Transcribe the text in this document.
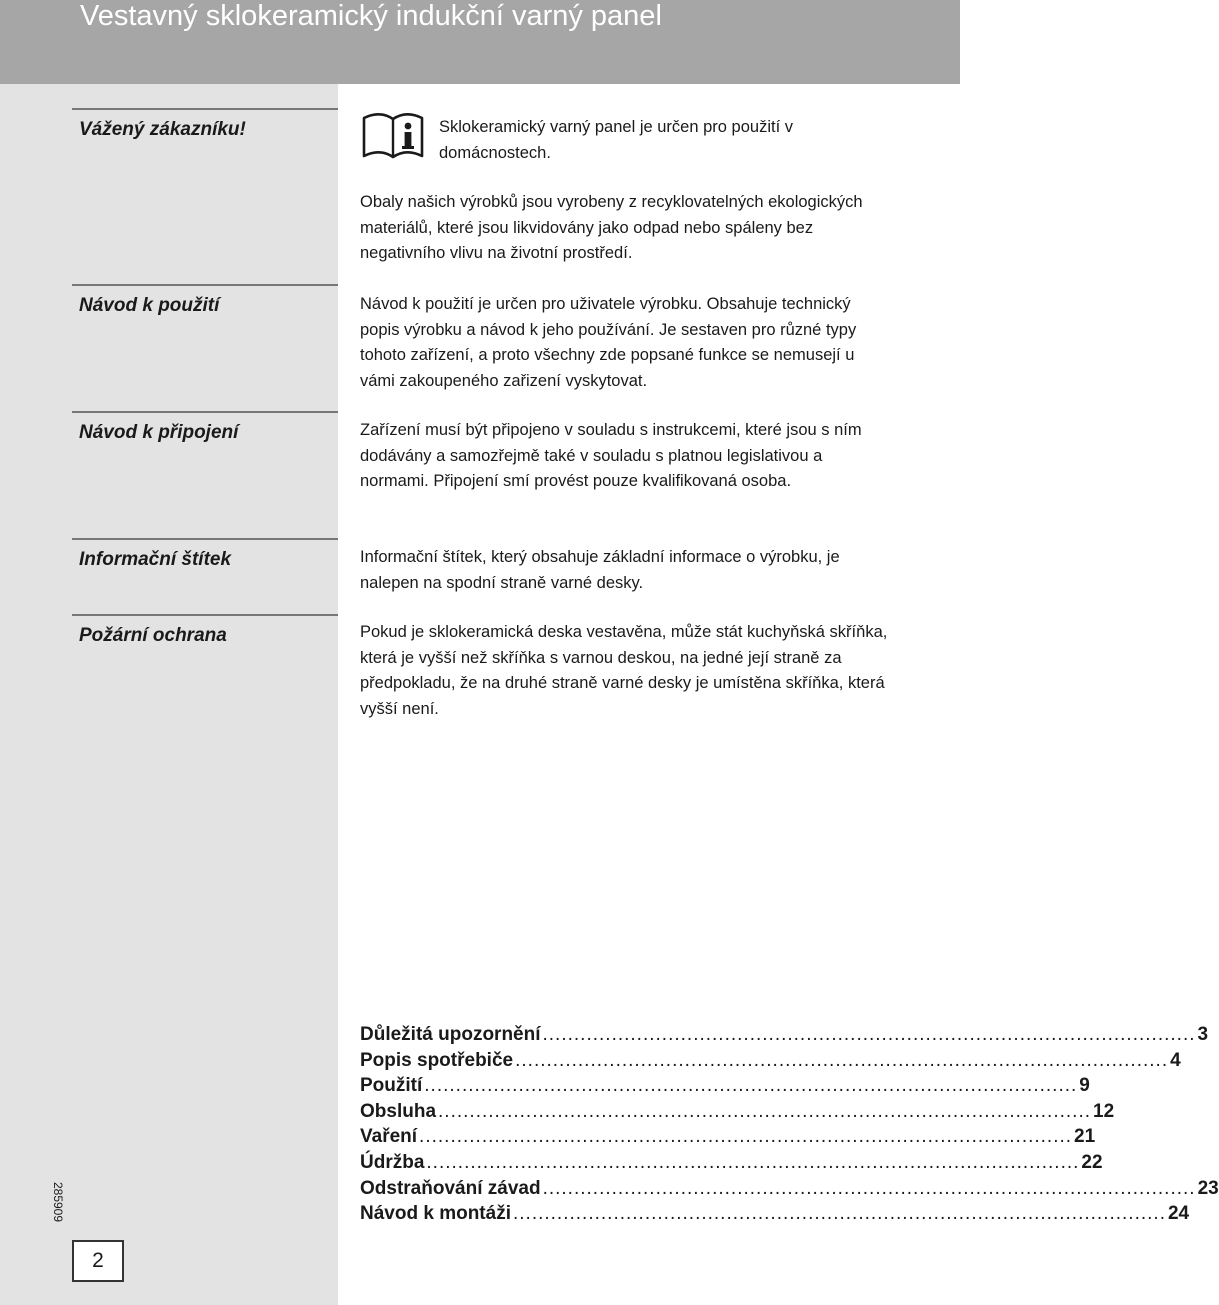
Vestavný sklokeramický indukční varný panel
Vážený zákazníku!
Návod k použití
Návod k připojení
Informační štítek
Požární ochrana

Sklokeramický varný panel je určen pro použití v domácnostech.

Obaly našich výrobků jsou vyrobeny z recyklovatelných ekologických materiálů, které jsou likvidovány jako odpad nebo spáleny bez negativního vlivu na životní prostředí.

Návod k použití je určen pro uživatele výrobku. Obsahuje technický popis výrobku a návod k jeho používání. Je sestaven pro různé typy tohoto zařízení, a proto všechny zde popsané funkce se nemusejí u vámi zakoupeného zařizení vyskytovat.

Zařízení musí být připojeno v souladu s instrukcemi, které jsou s ním dodávány a samozřejmě také v souladu s platnou legislativou a normami. Připojení smí provést pouze kvalifikovaná osoba.

Informační štítek, který obsahuje základní informace o výrobku, je nalepen na spodní straně varné desky.

Pokud je sklokeramická deska vestavěna, může stát kuchyňská skříňka, která je vyšší než skříňka s varnou deskou, na jedné její straně za předpokladu, že na druhé straně varné desky je umístěna skříňka, která vyšší není.

Důležitá upozornění ........................................................................................................ 3
Popis spotřebiče ........................................................................................................ 4
Použití ........................................................................................................ 9
Obsluha ........................................................................................................ 12
Vaření ........................................................................................................ 21
Údržba ........................................................................................................ 22
Odstraňování závad ........................................................................................................ 23
Návod k montáži ........................................................................................................ 24
285909
2
